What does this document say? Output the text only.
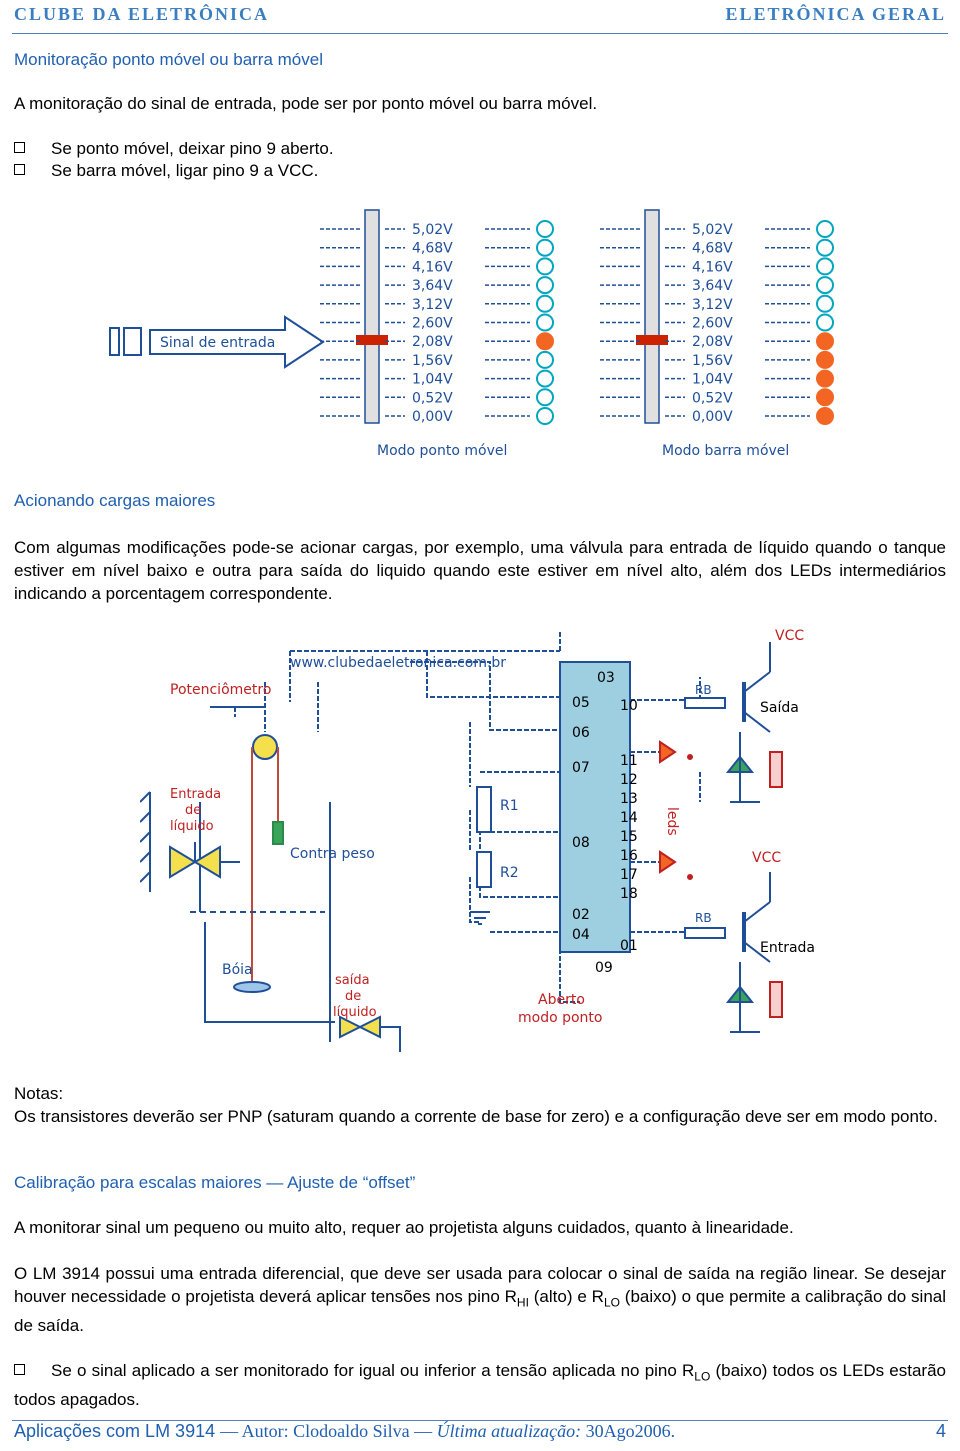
CLUBE DA ELETRÔNICA	ELETRÔNICA GERAL
Monitoração ponto móvel ou barra móvel
A monitoração do sinal de entrada, pode ser por ponto móvel ou barra móvel.
Se ponto móvel, deixar pino 9 aberto.
Se barra móvel, ligar pino 9 a VCC.
Sinal de entrada
5,02V
4,68V
4,16V
3,64V
3,12V
2,60V
2,08V
1,56V
1,04V
0,52V
0,00V
5,02V
4,68V
4,16V
3,64V
3,12V
2,60V
2,08V
1,56V
1,04V
0,52V
0,00V
Modo ponto móvel	Modo barra móvel
Acionando cargas maiores
Com algumas modificações pode-se acionar cargas, por exemplo, uma válvula para entrada de líquido quando o tanque estiver em nível baixo e outra para saída do liquido quando este estiver em nível alto, além dos LEDs intermediários indicando a porcentagem correspondente.
www.clubedaeletronica.com.br
Potenciômetro
Entrada
de
líquido
Contra peso
Bóia
saída
de
líquido
R1
R2
RB
RB
VCC
VCC
Saída
Entrada
leds
Aberto
modo ponto
03
05
06
07
08
02
04
10
11
12
13
14
15
16
17
18
01
09
Notas:
Os transistores deverão ser PNP (saturam quando a corrente de base for zero) e a configuração deve ser em modo ponto.
Calibração para escalas maiores — Ajuste de “offset”
A monitorar sinal um pequeno ou muito alto, requer ao projetista alguns cuidados, quanto à linearidade.
O LM 3914 possui uma entrada diferencial, que deve ser usada para colocar o sinal de saída na região linear. Se desejar houver necessidade o projetista deverá aplicar tensões nos pino $R_{HI}$ (alto) e $R_{LO}$ (baixo) o que permite a calibração do sinal de saída.
Se o sinal aplicado a ser monitorado for igual ou inferior a tensão aplicada no pino $R_{LO}$ (baixo) todos os LEDs estarão todos apagados.
Aplicações com LM 3914 — Autor: Clodoaldo Silva — Última atualização: 30Ago2006.	4
